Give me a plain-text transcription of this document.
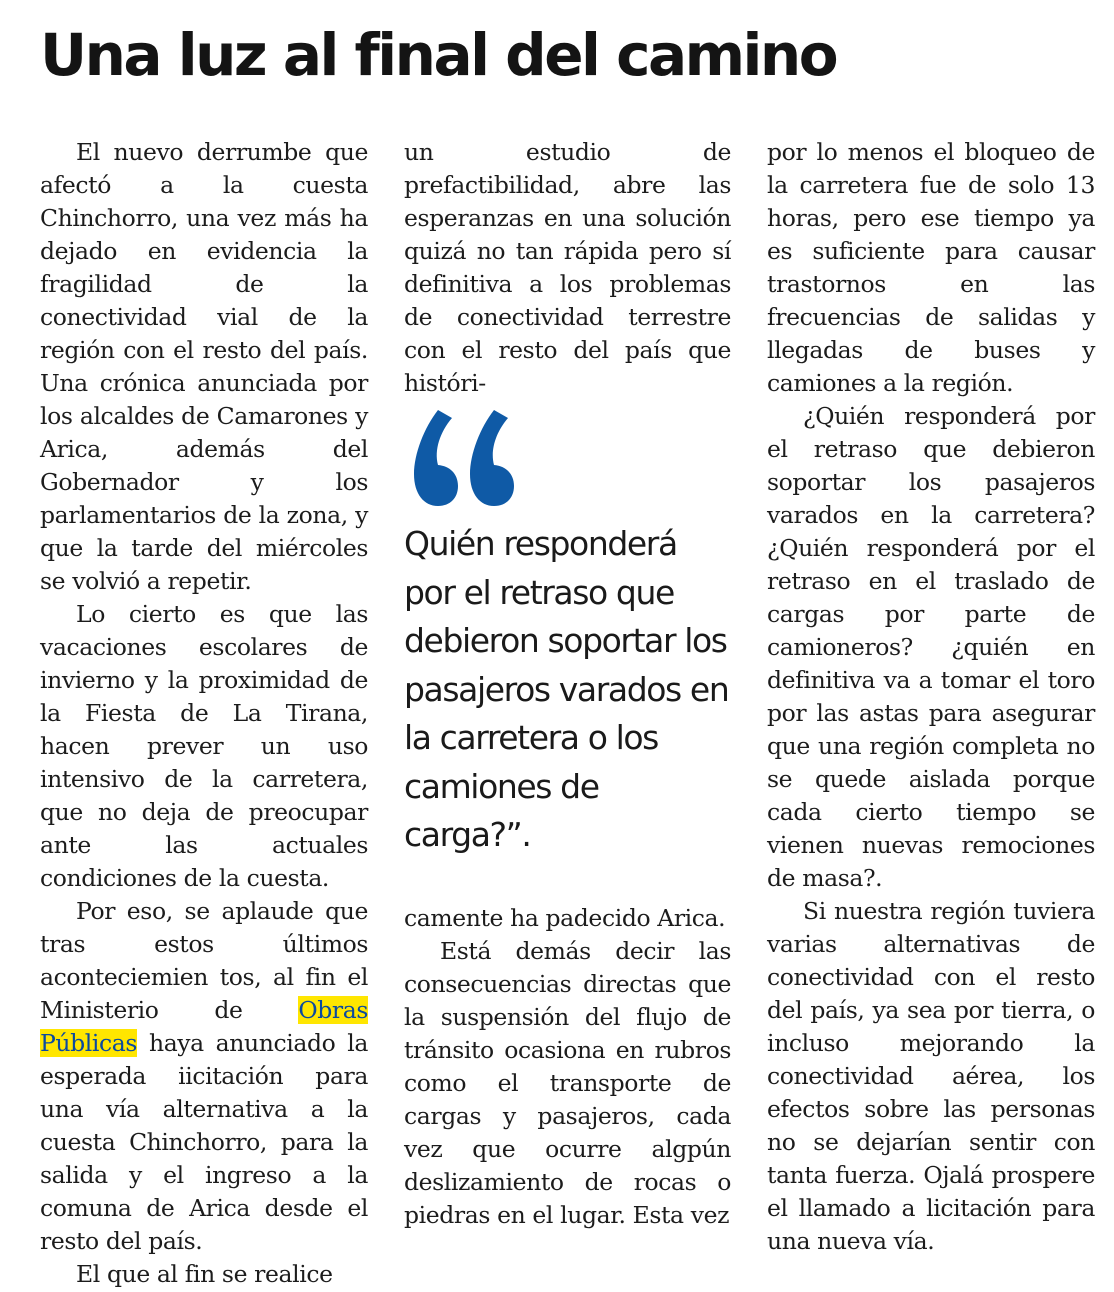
Una luz al final del camino

El nuevo derrumbe que afectó a la cuesta Chinchorro, una vez más ha dejado en evidencia la fragilidad de la conectividad vial de la región con el resto del país. Una crónica anunciada por los alcaldes de Camarones y Arica, además del Gobernador y los parlamentarios de la zona, y que la tarde del miércoles se volvió a repetir.

Lo cierto es que las vacaciones escolares de invierno y la proximidad de la Fiesta de La Tirana, hacen prever un uso intensivo de la carretera, que no deja de preocupar ante las actuales condiciones de la cuesta.

Por eso, se aplaude que tras estos últimos aconteciemien tos, al fin el Ministerio de Obras Públicas haya anunciado la esperada iicitación para una vía alternativa a la cuesta Chinchorro, para la salida y el ingreso a la comuna de Arica desde el resto del país.

El que al fin se realice

un estudio de prefactibilidad, abre las esperanzas en una solución quizá no tan rápida pero sí definitiva a los problemas de conectividad terrestre con el resto del país que históri-

Quién responderá por el retraso que debieron soportar los pasajeros varados en la carretera o los camiones de carga?”.

camente ha padecido Arica.

Está demás decir las consecuencias directas que la suspensión del flujo de tránsito ocasiona en rubros como el transporte de cargas y pasajeros, cada vez que ocurre algpún deslizamiento de rocas o piedras en el lugar. Esta vez

por lo menos el bloqueo de la carretera fue de solo 13 horas, pero ese tiempo ya es suficiente para causar trastornos en las frecuencias de salidas y llegadas de buses y camiones a la región.

¿Quién responderá por el retraso que debieron soportar los pasajeros varados en la carretera? ¿Quién responderá por el retraso en el traslado de cargas por parte de camioneros? ¿quién en definitiva va a tomar el toro por las astas para asegurar que una región completa no se quede aislada porque cada cierto tiempo se vienen nuevas remociones de masa?.

Si nuestra región tuviera varias alternativas de conectividad con el resto del país, ya sea por tierra, o incluso mejorando la conectividad aérea, los efectos sobre las personas no se dejarían sentir con tanta fuerza. Ojalá prospere el llamado a licitación para una nueva vía.
